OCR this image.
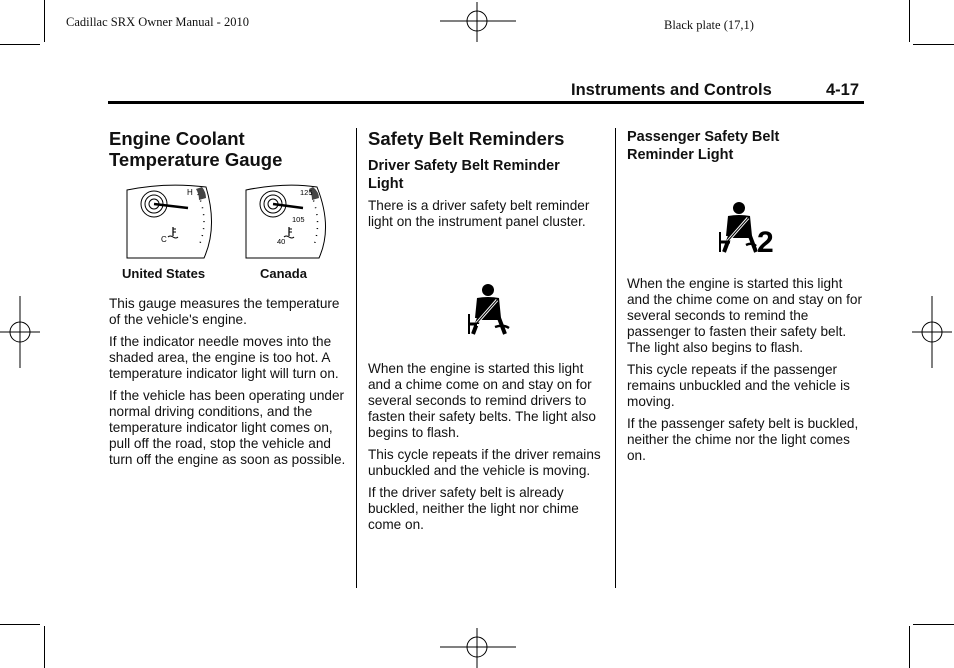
Cadillac SRX Owner Manual - 2010	Black plate (17,1)
Instruments and Controls	4-17
Engine Coolant
Temperature Gauge
H
C
125
105
40
United States	Canada

This gauge measures the temperature of the vehicle's engine.

If the indicator needle moves into the shaded area, the engine is too hot. A temperature indicator light will turn on.

If the vehicle has been operating under normal driving conditions, and the temperature indicator light comes on, pull off the road, stop the vehicle and turn off the engine as soon as possible.

Safety Belt Reminders
Driver Safety Belt Reminder
Light

There is a driver safety belt reminder light on the instrument panel cluster.

When the engine is started this light and a chime come on and stay on for several seconds to remind drivers to fasten their safety belts. The light also begins to flash.

This cycle repeats if the driver remains unbuckled and the vehicle is moving.

If the driver safety belt is already buckled, neither the light nor chime come on.

Passenger Safety Belt
Reminder Light
2

When the engine is started this light and the chime come on and stay on for several seconds to remind the passenger to fasten their safety belt. The light also begins to flash.

This cycle repeats if the passenger remains unbuckled and the vehicle is moving.

If the passenger safety belt is buckled, neither the chime nor the light comes on.
